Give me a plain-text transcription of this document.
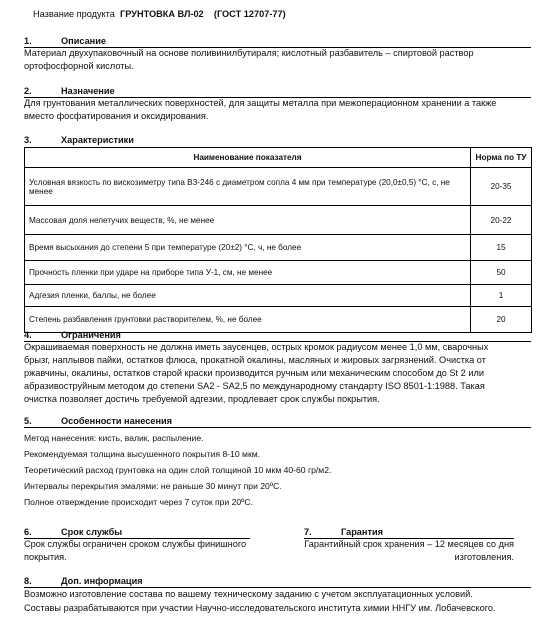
Название продукта ГРУНТОВКА ВЛ-02 (ГОСТ 12707-77)
1.	Описание
Материал двухупаковочный на основе поливинилбутираля; кислотный разбавитель – спиртовой раствор
ортофосфорной кислоты.
2.	Назначение
Для грунтования металлических поверхностей, для защиты металла при межоперационном хранении а также
вместо фосфатирования и оксидирования.
3.	Характеристики
Наименование показателя	Норма по ТУ

Условная вязкость по вискозиметру типа ВЗ-246 с диаметром сопла 4 мм при температуре (20,0±0,5) °С, с, не
менее	20-35
Массовая доля нелетучих веществ, %, не менее	20-22
Время высыхания до степени 5 при температуре (20±2) °С, ч, не более	15
Прочность пленки при ударе на приборе типа У-1, см, не менее	50
Адгезия пленки, баллы, не более	1
Степень разбавления грунтовки растворителем, %, не более	20
4.	Ограничения
Окрашиваемая поверхность не должна иметь заусенцев, острых кромок радиусом менее 1,0 мм, сварочных
брызг, наплывов пайки, остатков флюса, прокатной окалины, масляных и жировых загрязнений. Очистка от
ржавчины, окалины, остатков старой краски производится ручным или механическим способом до St 2 или
абразивоструйным методом до степени SA2 - SA2,5 по международному стандарту ISO 8501-1:1988. Такая
очистка позволяет достичь требуемой адгезии, продлевает срок службы покрытия.
5.	Особенности нанесения
Метод нанесения: кисть, валик, распыление.
Рекомендуемая толщина высушенного покрытия 8-10 мкм.
Теоретический расход грунтовка на один слой толщиной 10 мкм 40-60 гр/м2.
Интервалы перекрытия эмалями: не раньше 30 минут при 20ºС.
Полное отверждение происходит через 7 суток при 20ºС.
6.	Срок службы
Срок службы ограничен сроком службы финишного
покрытия.
7.	Гарантия
Гарантийный срок хранения – 12 месяцев со дня
изготовления.
8.	Доп. информация
Возможно изготовление состава по вашему техническому заданию с учетом эксплуатационных условий.
Составы разрабатываются при участии Научно-исследовательского института химии ННГУ им. Лобачевского.
